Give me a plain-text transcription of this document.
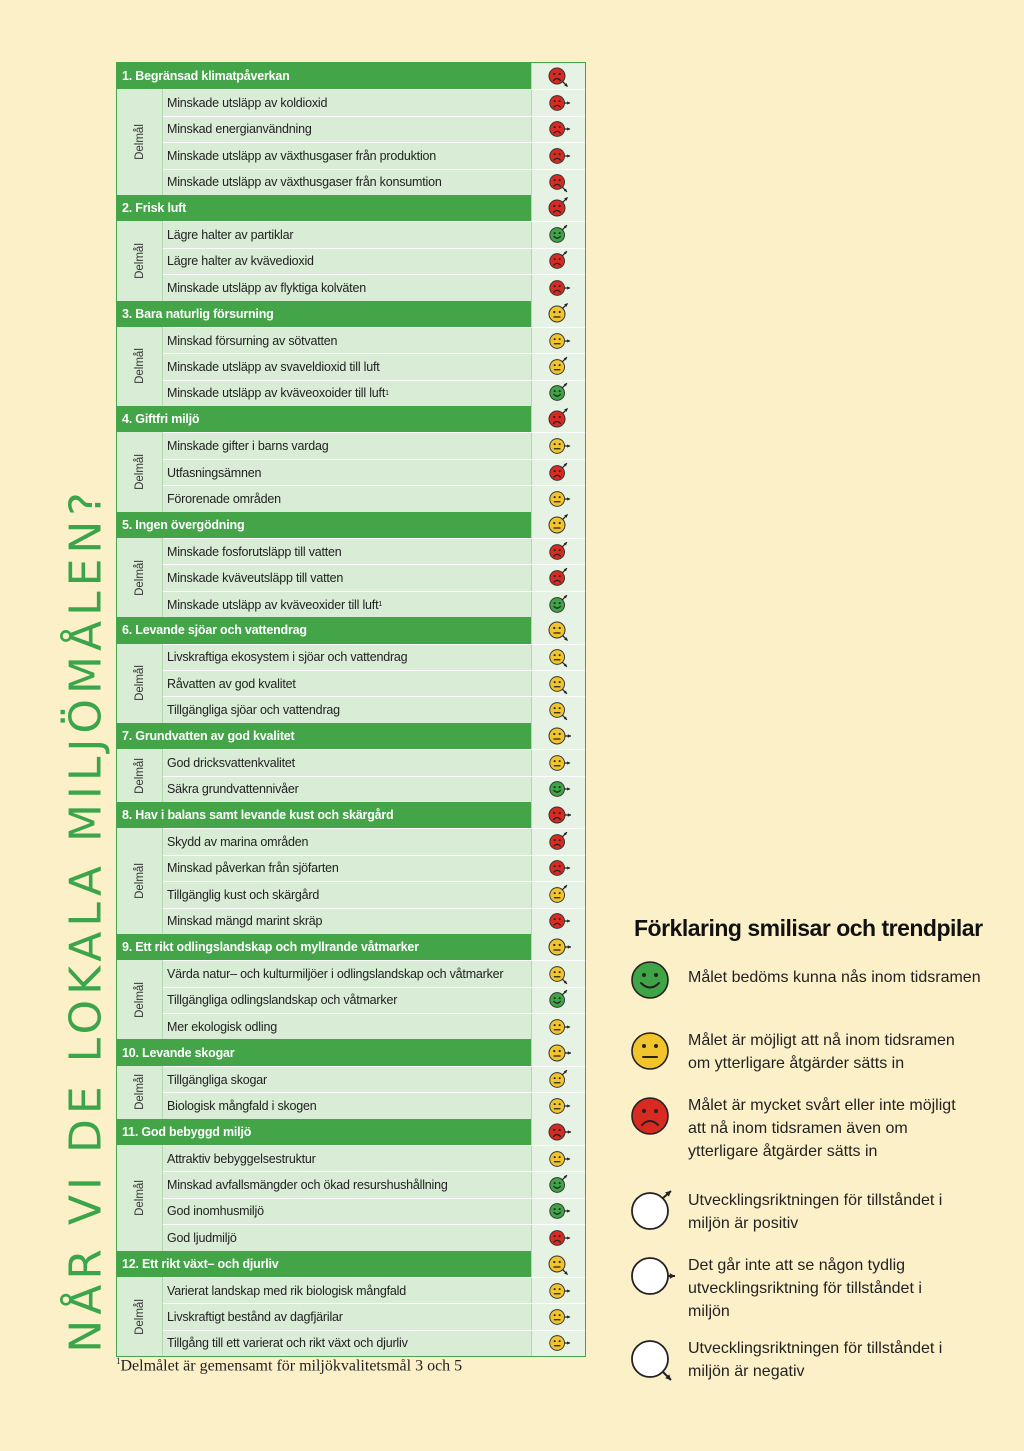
NÅR VI DE LOKALA MILJÖMÅLEN?
1. Begränsad klimatpåverkan
Delmål
Minskade utsläpp av koldioxid
Minskad energianvändning
Minskade utsläpp av växthusgaser från produktion
Minskade utsläpp av växthusgaser från konsumtion
2. Frisk luft
Delmål
Lägre halter av partiklar
Lägre halter av kvävedioxid
Minskade utsläpp av flyktiga kolväten
3. Bara naturlig försurning
Delmål
Minskad försurning av sötvatten
Minskade utsläpp av svaveldioxid till luft
Minskade utsläpp av kväveoxoider till luft 1
4. Giftfri miljö
Delmål
Minskade gifter i barns vardag
Utfasningsämnen
Förorenade områden
5. Ingen övergödning
Delmål
Minskade fosforutsläpp till vatten
Minskade kväveutsläpp till vatten
Minskade utsläpp av kväveoxider till luft 1
6. Levande sjöar och vattendrag
Delmål
Livskraftiga ekosystem i sjöar och vattendrag
Råvatten av god kvalitet
Tillgängliga sjöar och vattendrag
7. Grundvatten av god kvalitet
Delmål God dricksvattenkvalitet
Säkra grundvattennivåer
8. Hav i balans samt levande kust och skärgård
Delmål
Skydd av marina områden
Minskad påverkan från sjöfarten
Tillgänglig kust och skärgård
Minskad mängd marint skräp
9. Ett rikt odlingslandskap och myllrande våtmarker
Delmål
Värda natur– och kulturmiljöer i odlingslandskap och våtmarker
Tillgängliga odlingslandskap och våtmarker
Mer ekologisk odling
10. Levande skogar
Delmål Tillgängliga skogar
Biologisk mångfald i skogen
11. God bebyggd miljö
Delmål
Attraktiv bebyggelsestruktur
Minskad avfallsmängder och ökad resurshushållning
God inomhusmiljö
God ljudmiljö
12. Ett rikt växt– och djurliv
Delmål
Varierat landskap med rik biologisk mångfald
Livskraftigt bestånd av dagfjärilar
Tillgång till ett varierat och rikt växt och djurliv
$^1$Delmålet är gemensamt för miljökvalitetsmål 3 och 5
Förklaring smilisar och trendpilar
Målet bedöms kunna nås inom tidsramen
Målet är möjligt att nå inom tidsramen om ytterligare åtgärder sätts in
Målet är mycket svårt eller inte möjligt att nå inom tidsramen även om ytterligare åtgärder sätts in
Utvecklingsriktningen för tillståndet i miljön är positiv
Det går inte att se någon tydlig utvecklingsriktning för tillståndet i miljön
Utvecklingsriktningen för tillståndet i miljön är negativ
